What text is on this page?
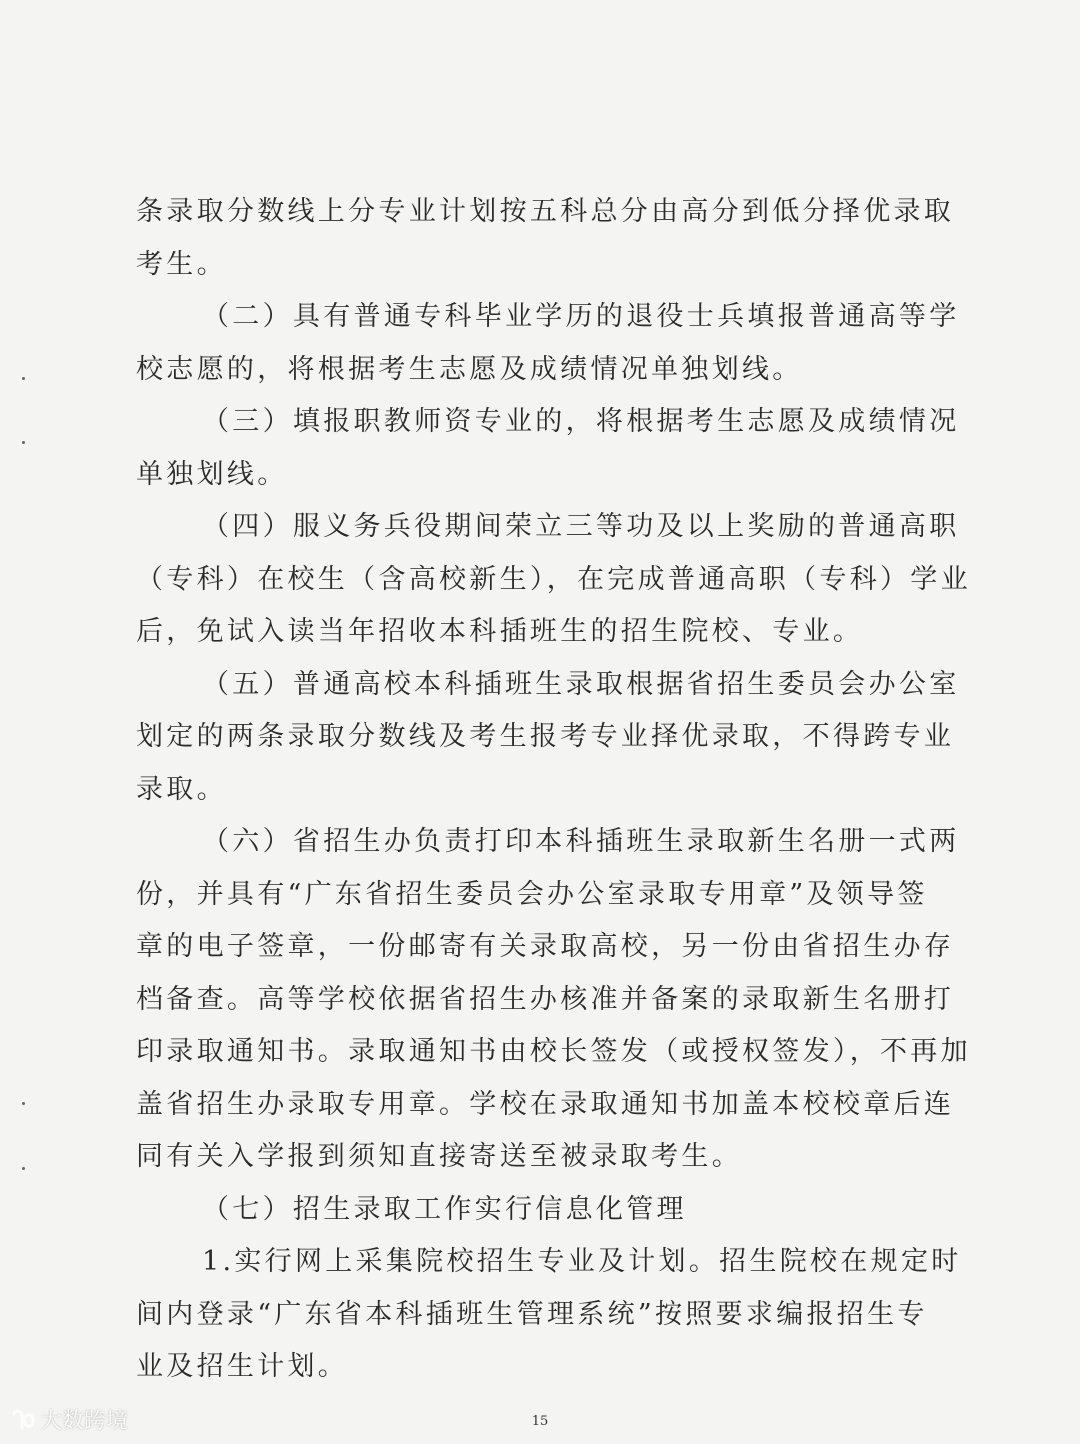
条录取分数线上分专业计划按五科总分由高分到低分择优录取
考生。
（二）具有普通专科毕业学历的退役士兵填报普通高等学
校志愿的，将根据考生志愿及成绩情况单独划线。
（三）填报职教师资专业的，将根据考生志愿及成绩情况
单独划线。
（四）服义务兵役期间荣立三等功及以上奖励的普通高职
（专科）在校生（含高校新生），在完成普通高职（专科）学业
后，免试入读当年招收本科插班生的招生院校、专业。
（五）普通高校本科插班生录取根据省招生委员会办公室
划定的两条录取分数线及考生报考专业择优录取，不得跨专业
录取。
（六）省招生办负责打印本科插班生录取新生名册一式两
份，并具有“广东省招生委员会办公室录取专用章”及领导签
章的电子签章，一份邮寄有关录取高校，另一份由省招生办存
档备查。高等学校依据省招生办核准并备案的录取新生名册打
印录取通知书。录取通知书由校长签发（或授权签发），不再加
盖省招生办录取专用章。学校在录取通知书加盖本校校章后连
同有关入学报到须知直接寄送至被录取考生。
（七）招生录取工作实行信息化管理
1.实行网上采集院校招生专业及计划。招生院校在规定时
间内登录“广东省本科插班生管理系统”按照要求编报招生专
业及招生计划。
15
大数跨境
